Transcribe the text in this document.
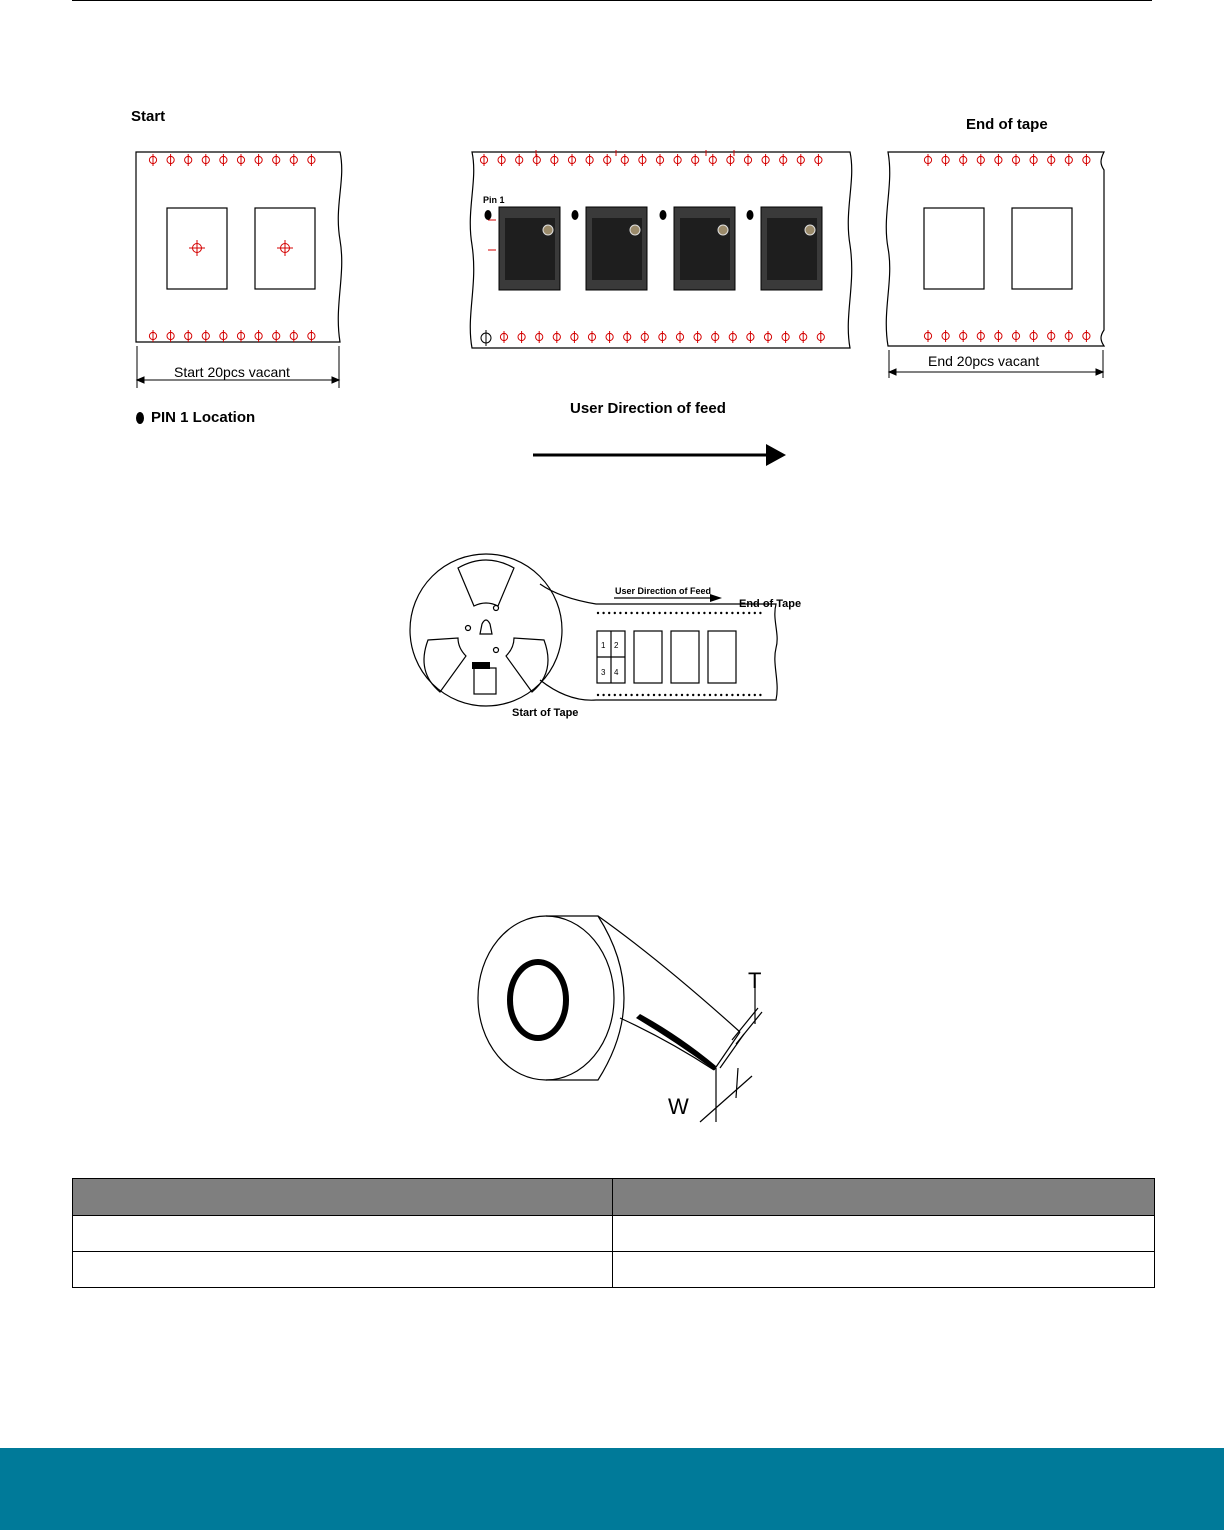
Start	End of tape
Start 20pcs vacant
End 20pcs vacant
Pin 1
PIN 1 Location
User Direction of feed
User Direction of Feed
End of Tape
Start of Tape
1 2
3 4
T
W
